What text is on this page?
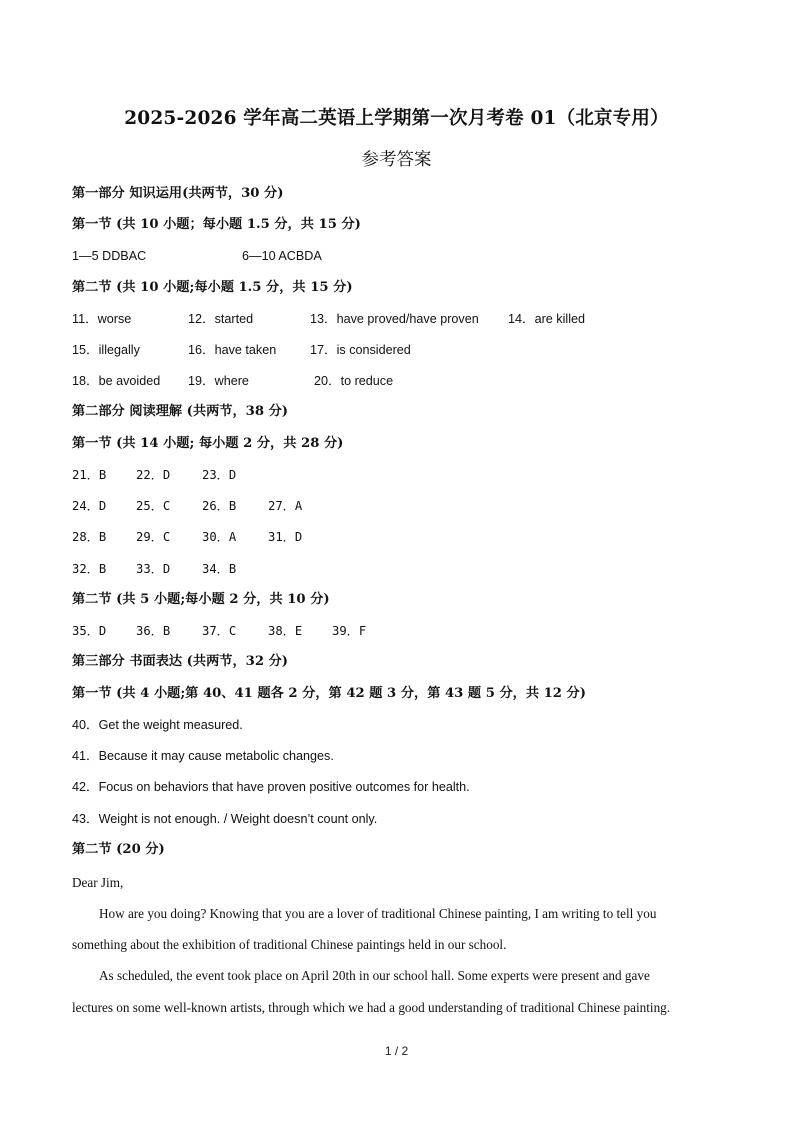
2025-2026 学年高二英语上学期第一次月考卷 01（北京专用）
参考答案
第一部分 知识运用(共两节，30 分)
第一节 (共 10 小题；每小题 1.5 分，共 15 分)
1—5 DDBAC	6—10 ACBDA
第二节 (共 10 小题;每小题 1.5 分，共 15 分)
11．worse	12．started	13．have proved/have proven 14．are killed
15．illegally	16．have taken	17．is considered
18．be avoided 19．where	20．to reduce
第二部分 阅读理解 (共两节，38 分)
第一节 (共 14 小题; 每小题 2 分，共 28 分)
21．B 22．D	23．D
24．D 25．C	26．B	27．A
28．B 29．C	30．A	31．D
32．B 33．D	34．B
第二节 (共 5 小题;每小题 2 分，共 10 分)
35．D 36．B	37．C	38．E 39．F
第三部分 书面表达 (共两节，32 分)
第一节 (共 4 小题;第 40、41 题各 2 分，第 42 题 3 分，第 43 题 5 分，共 12 分)
40．Get the weight measured.
41．Because it may cause metabolic changes.
42．Focus on behaviors that have proven positive outcomes for health.
43．Weight is not enough. / Weight doesn’t count only.
第二节 (20 分)
Dear Jim,
How are you doing? Knowing that you are a lover of traditional Chinese painting, I am writing to tell you
something about the exhibition of traditional Chinese paintings held in our school.
As scheduled, the event took place on April 20th in our school hall. Some experts were present and gave
lectures on some well-known artists, through which we had a good understanding of traditional Chinese painting.
1 / 2
